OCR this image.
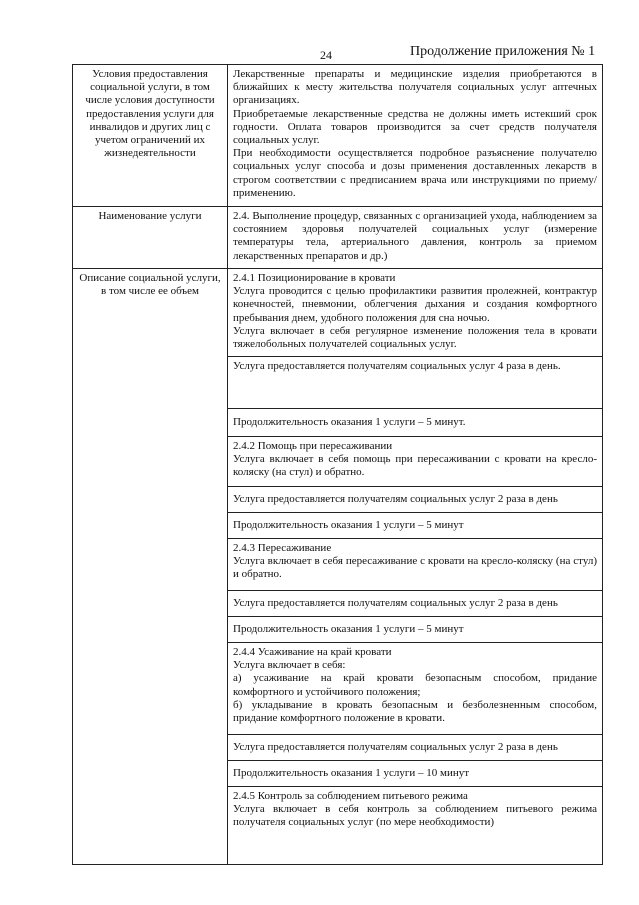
24	Продолжение приложения № 1
Условия предоставления социальной услуги, в том числе условия доступности предоставления услуги для инвалидов и других лиц с учетом ограничений их жизнедеятельности	Лекарственные препараты и медицинские изделия приобретаются в ближайших к месту жительства получателя социальных услуг аптечных организациях.

Приобретаемые лекарственные средства не должны иметь истекший срок годности. Оплата товаров производится за счет средств получателя социальных услуг.

При необходимости осуществляется подробное разъяснение получателю социальных услуг способа и дозы применения доставленных лекарств в строгом соответствии с предписанием врача или инструкциями по приему/применению.

Наименование услуги	2.4. Выполнение процедур, связанных с организацией ухода, наблюдением за состоянием здоровья получателей социальных услуг (измерение температуры тела, артериального давления, контроль за приемом лекарственных препаратов и др.)

Описание социальной услуги, в том числе ее объем	2.4.1 Позиционирование в кровати

Услуга проводится с целью профилактики развития пролежней, контрактур конечностей, пневмонии, облегчения дыхания и создания комфортного пребывания днем, удобного положения для сна ночью.

Услуга включает в себя регулярное изменение положения тела в кровати тяжелобольных получателей социальных услуг.

	Услуга предоставляется получателям социальных услуг 4 раза в день.

	Продолжительность оказания 1 услуги – 5 минут.

	2.4.2 Помощь при пересаживании

Услуга включает в себя помощь при пересаживании с кровати на кресло-коляску (на стул) и обратно.

	Услуга предоставляется получателям социальных услуг 2 раза в день

	Продолжительность оказания 1 услуги – 5 минут

	2.4.3 Пересаживание

Услуга включает в себя пересаживание с кровати на кресло-коляску (на стул) и обратно.

	Услуга предоставляется получателям социальных услуг 2 раза в день

	Продолжительность оказания 1 услуги – 5 минут

	2.4.4 Усаживание на край кровати

Услуга включает в себя:

а) усаживание на край кровати безопасным способом, придание комфортного и устойчивого положения;

б) укладывание в кровать безопасным и безболезненным способом, придание комфортного положение в кровати.

	Услуга предоставляется получателям социальных услуг 2 раза в день

	Продолжительность оказания 1 услуги – 10 минут

	2.4.5 Контроль за соблюдением питьевого режима

Услуга включает в себя контроль за соблюдением питьевого режима получателя социальных услуг (по мере необходимости)
